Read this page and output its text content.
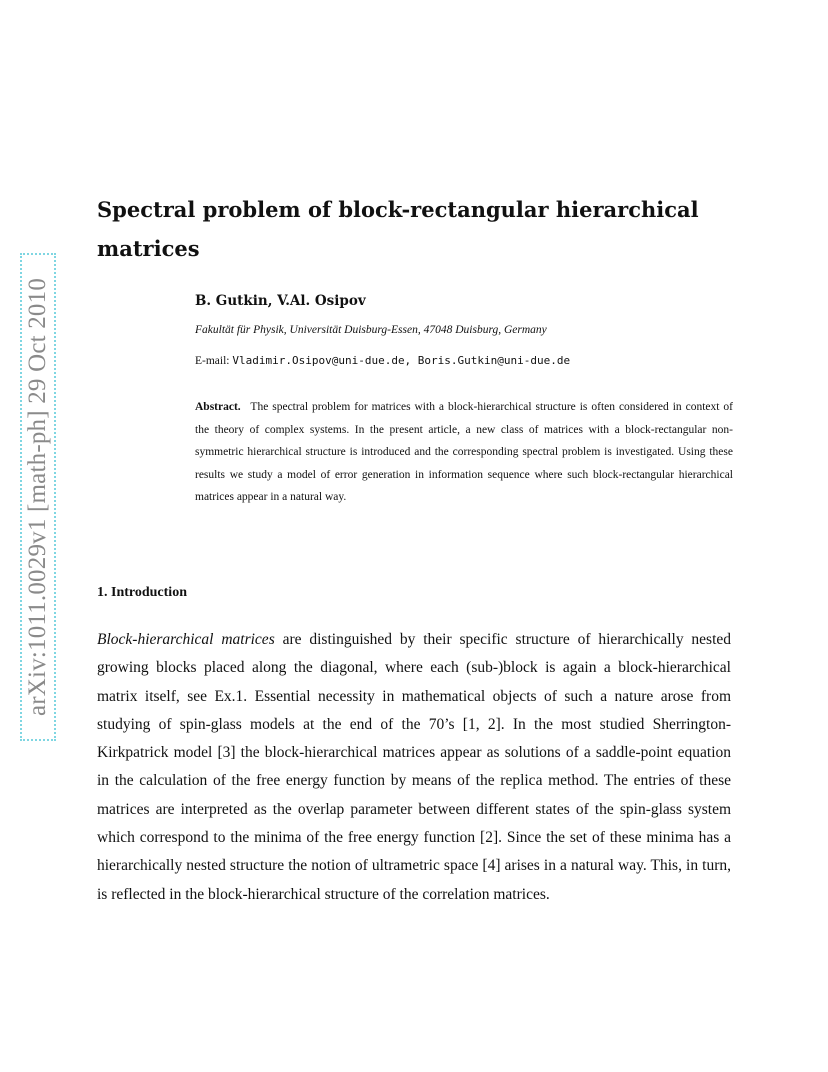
arXiv:1011.0029v1 [math-ph] 29 Oct 2010
Spectral problem of block-rectangular hierarchical matrices
B. Gutkin, V.Al. Osipov
Fakultät für Physik, Universität Duisburg-Essen, 47048 Duisburg, Germany
E-mail: Vladimir.Osipov@uni-due.de, Boris.Gutkin@uni-due.de

Abstract. The spectral problem for matrices with a block-hierarchical structure is often considered in context of the theory of complex systems. In the present article, a new class of matrices with a block-rectangular non-symmetric hierarchical structure is introduced and the corresponding spectral problem is investigated. Using these results we study a model of error generation in information sequence where such block-rectangular hierarchical matrices appear in a natural way.

1. Introduction

Block-hierarchical matrices are distinguished by their specific structure of hierarchically nested growing blocks placed along the diagonal, where each (sub-)block is again a block-hierarchical matrix itself, see Ex.1. Essential necessity in mathematical objects of such a nature arose from studying of spin-glass models at the end of the 70’s [1, 2]. In the most studied Sherrington-Kirkpatrick model [3] the block-hierarchical matrices appear as solutions of a saddle-point equation in the calculation of the free energy function by means of the replica method. The entries of these matrices are interpreted as the overlap parameter between different states of the spin-glass system which correspond to the minima of the free energy function [2]. Since the set of these minima has a hierarchically nested structure the notion of ultrametric space [4] arises in a natural way. This, in turn, is reflected in the block-hierarchical structure of the correlation matrices.
